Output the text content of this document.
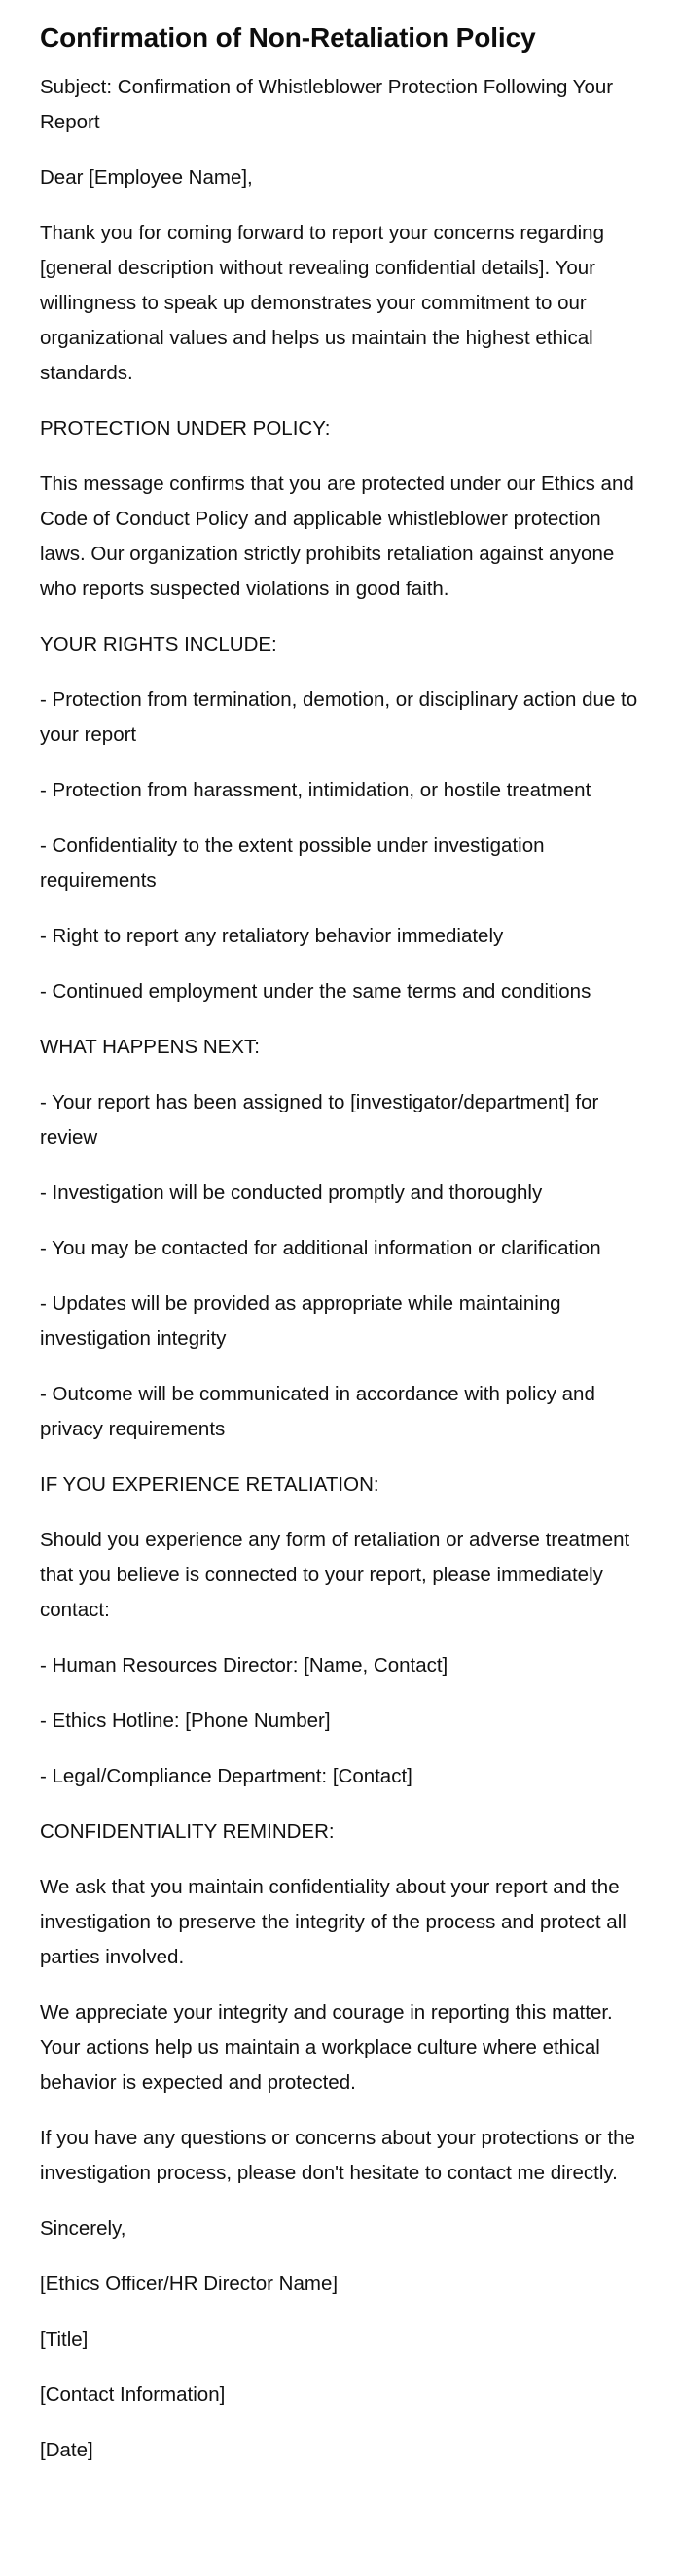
Confirmation of Non-Retaliation Policy

Subject: Confirmation of Whistleblower Protection Following Your Report

Dear [Employee Name],

Thank you for coming forward to report your concerns regarding [general description without revealing confidential details]. Your willingness to speak up demonstrates your commitment to our organizational values and helps us maintain the highest ethical standards.

PROTECTION UNDER POLICY:

This message confirms that you are protected under our Ethics and Code of Conduct Policy and applicable whistleblower protection laws. Our organization strictly prohibits retaliation against anyone who reports suspected violations in good faith.

YOUR RIGHTS INCLUDE:

- Protection from termination, demotion, or disciplinary action due to your report

- Protection from harassment, intimidation, or hostile treatment

- Confidentiality to the extent possible under investigation requirements

- Right to report any retaliatory behavior immediately

- Continued employment under the same terms and conditions

WHAT HAPPENS NEXT:

- Your report has been assigned to [investigator/department] for review

- Investigation will be conducted promptly and thoroughly

- You may be contacted for additional information or clarification

- Updates will be provided as appropriate while maintaining investigation integrity

- Outcome will be communicated in accordance with policy and privacy requirements

IF YOU EXPERIENCE RETALIATION:

Should you experience any form of retaliation or adverse treatment that you believe is connected to your report, please immediately contact:

- Human Resources Director: [Name, Contact]

- Ethics Hotline: [Phone Number]

- Legal/Compliance Department: [Contact]

CONFIDENTIALITY REMINDER:

We ask that you maintain confidentiality about your report and the investigation to preserve the integrity of the process and protect all parties involved.

We appreciate your integrity and courage in reporting this matter. Your actions help us maintain a workplace culture where ethical behavior is expected and protected.

If you have any questions or concerns about your protections or the investigation process, please don't hesitate to contact me directly.

Sincerely,

[Ethics Officer/HR Director Name]

[Title]

[Contact Information]

[Date]
